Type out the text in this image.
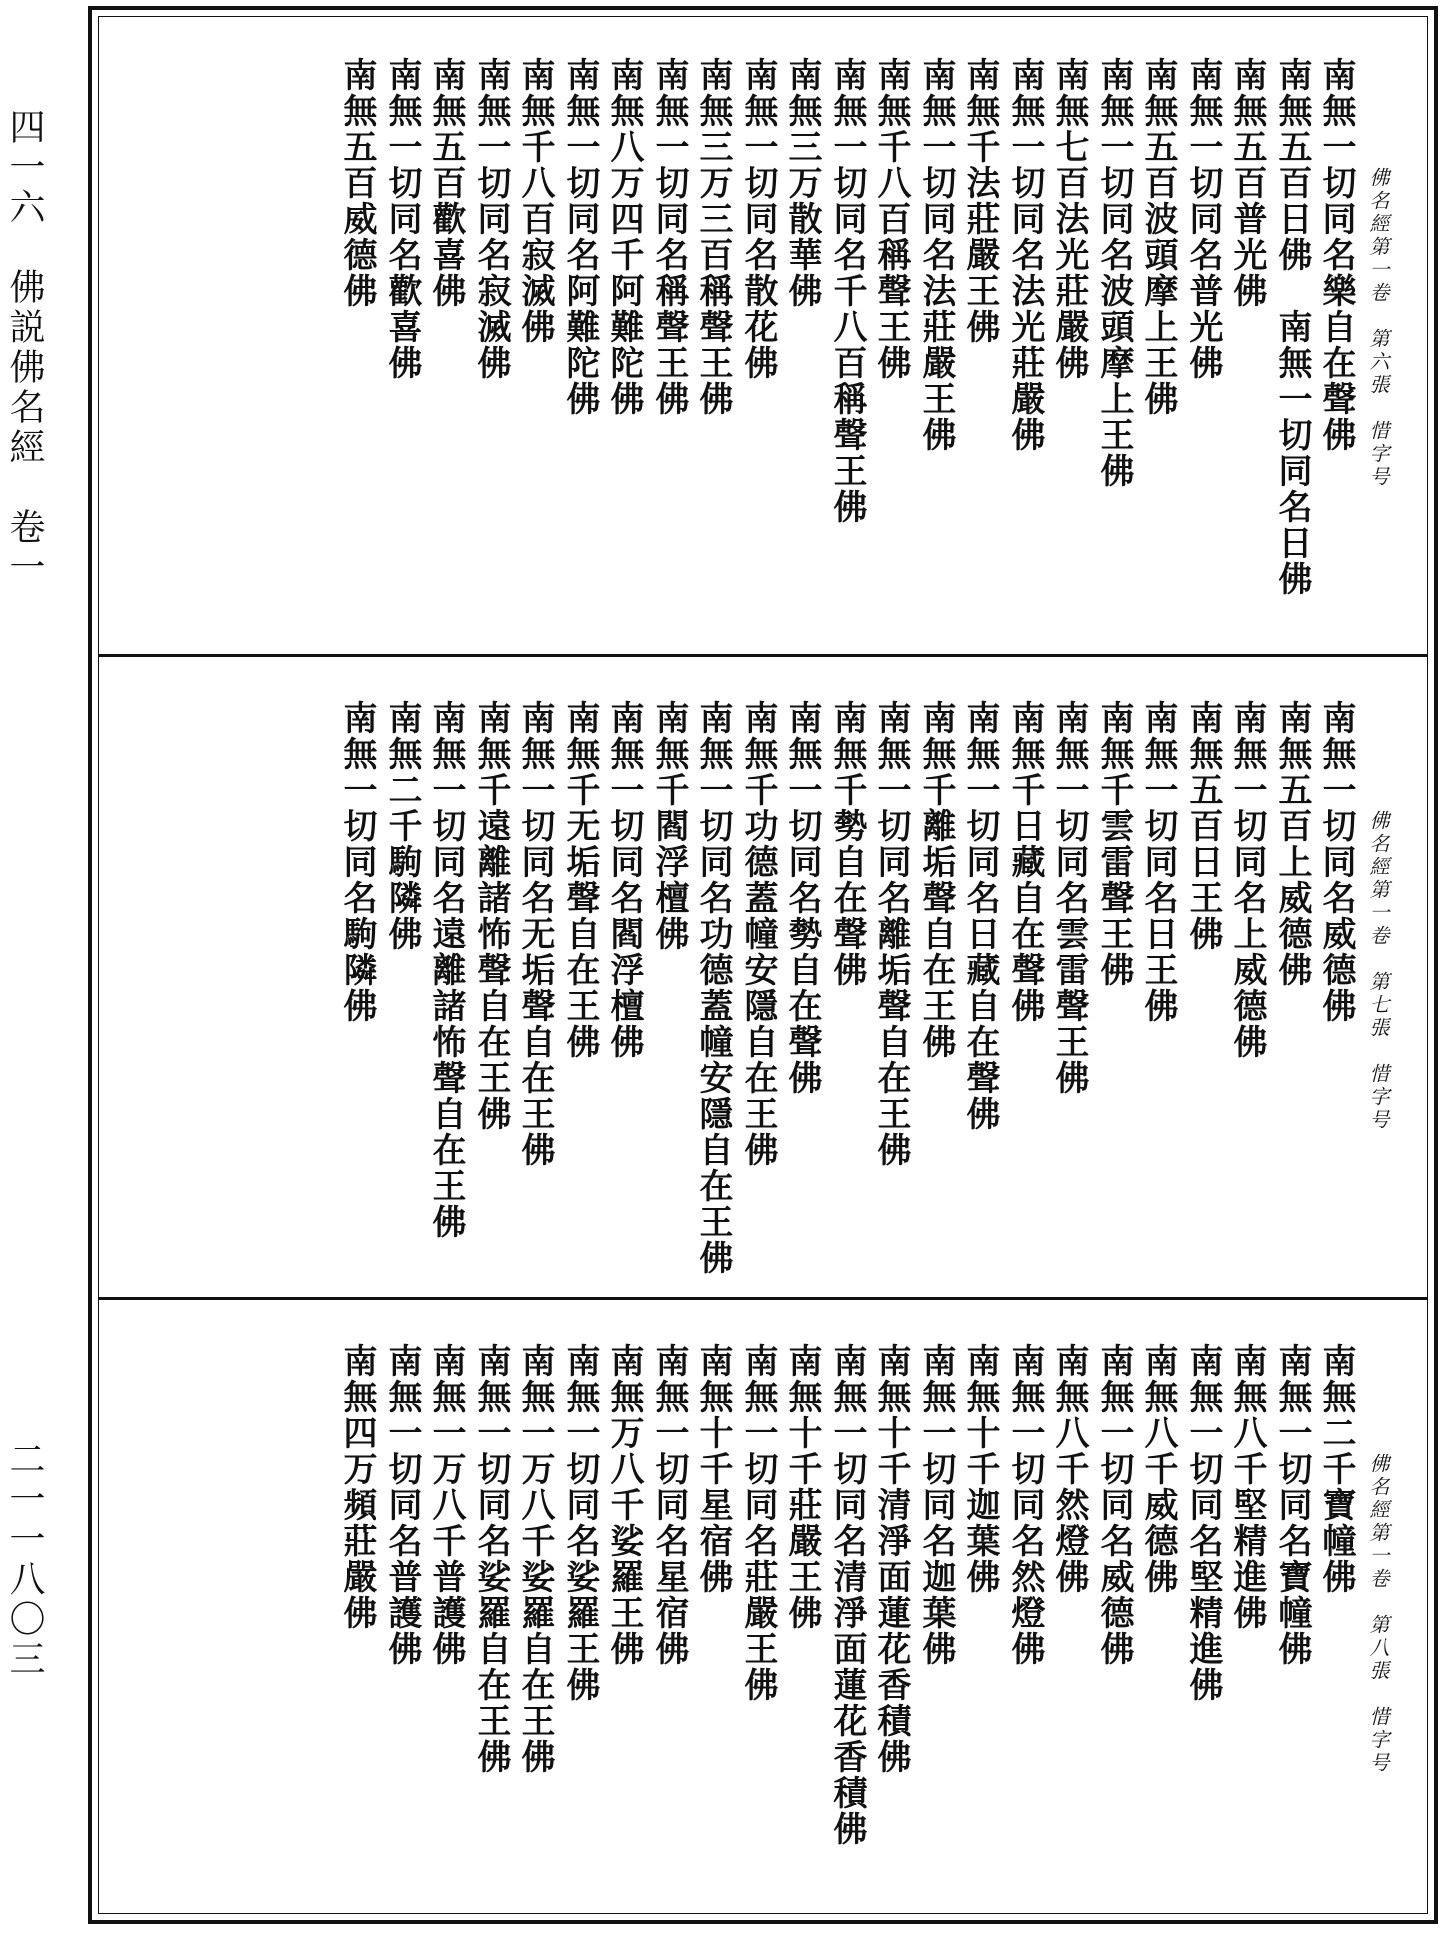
四一六　佛説佛名經　卷一
二一一八〇三
佛名經第一卷　第六張　惜字号
南無一切同名樂自在聲佛
南無五百日佛　南無一切同名日佛
南無五百普光佛
南無一切同名普光佛
南無五百波頭摩上王佛
南無一切同名波頭摩上王佛
南無七百法光莊嚴佛
南無一切同名法光莊嚴佛
南無千法莊嚴王佛
南無一切同名法莊嚴王佛
南無千八百稱聲王佛
南無一切同名千八百稱聲王佛
南無三万散華佛
南無一切同名散花佛
南無三万三百稱聲王佛
南無一切同名稱聲王佛
南無八万四千阿難陀佛
南無一切同名阿難陀佛
南無千八百寂滅佛
南無一切同名寂滅佛
南無五百歡喜佛
南無一切同名歡喜佛
南無五百威德佛
佛名經第一卷　第七張　惜字号
南無一切同名威德佛
南無五百上威德佛
南無一切同名上威德佛
南無五百日王佛
南無一切同名日王佛
南無千雲雷聲王佛
南無一切同名雲雷聲王佛
南無千日藏自在聲佛
南無一切同名日藏自在聲佛
南無千離垢聲自在王佛
南無一切同名離垢聲自在王佛
南無千勢自在聲佛
南無一切同名勢自在聲佛
南無千功德蓋幢安隱自在王佛
南無一切同名功德蓋幢安隱自在王佛
南無千閻浮檀佛
南無一切同名閻浮檀佛
南無千无垢聲自在王佛
南無一切同名无垢聲自在王佛
南無千遠離諸怖聲自在王佛
南無一切同名遠離諸怖聲自在王佛
南無二千駒隣佛
南無一切同名駒隣佛
佛名經第一卷　第八張　惜字号
南無二千寶幢佛
南無一切同名寶幢佛
南無八千堅精進佛
南無一切同名堅精進佛
南無八千威德佛
南無一切同名威德佛
南無八千然燈佛
南無一切同名然燈佛
南無十千迦葉佛
南無一切同名迦葉佛
南無十千清淨面蓮花香積佛
南無一切同名清淨面蓮花香積佛
南無十千莊嚴王佛
南無一切同名莊嚴王佛
南無十千星宿佛
南無一切同名星宿佛
南無万八千娑羅王佛
南無一切同名娑羅王佛
南無一万八千娑羅自在王佛
南無一切同名娑羅自在王佛
南無一万八千普護佛
南無一切同名普護佛
南無四万頻莊嚴佛
